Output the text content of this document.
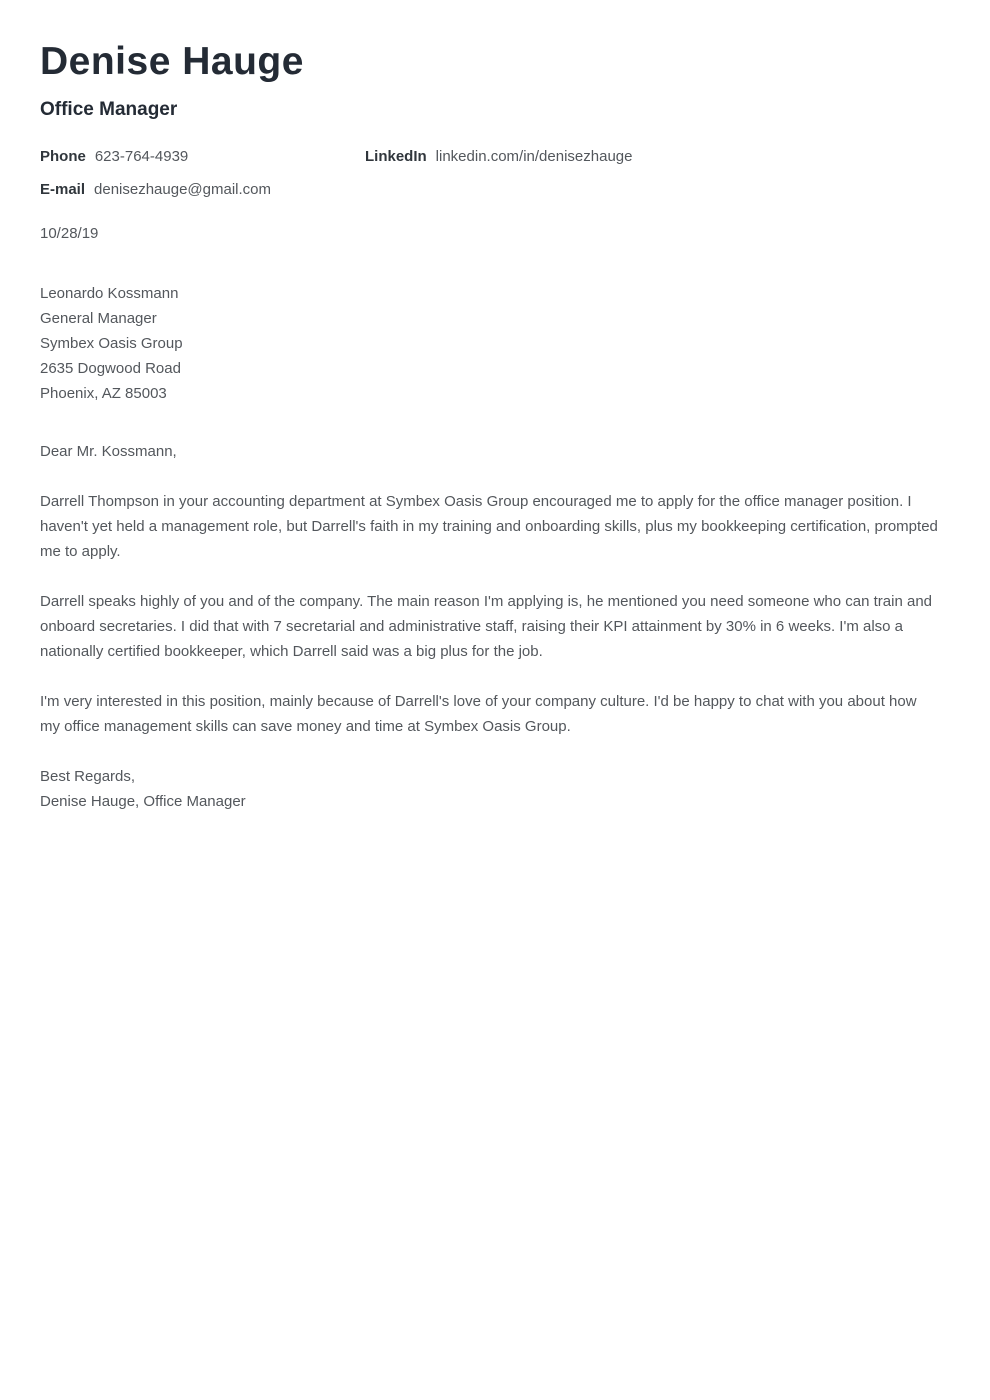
Denise Hauge
Office Manager
Phone 623-764-4939	LinkedIn linkedin.com/in/denisezhauge
E-mail denisezhauge@gmail.com
10/28/19
Leonardo Kossmann
General Manager
Symbex Oasis Group
2635 Dogwood Road
Phoenix, AZ 85003
Dear Mr. Kossmann,

Darrell Thompson in your accounting department at Symbex Oasis Group encouraged me to apply for the office manager position. I haven't yet held a management role, but Darrell's faith in my training and onboarding skills, plus my bookkeeping certification, prompted me to apply.

Darrell speaks highly of you and of the company. The main reason I'm applying is, he mentioned you need someone who can train and onboard secretaries. I did that with 7 secretarial and administrative staff, raising their KPI attainment by 30% in 6 weeks. I'm also a nationally certified bookkeeper, which Darrell said was a big plus for the job.

I'm very interested in this position, mainly because of Darrell's love of your company culture. I'd be happy to chat with you about how my office management skills can save money and time at Symbex Oasis Group.

Best Regards,
Denise Hauge, Office Manager
